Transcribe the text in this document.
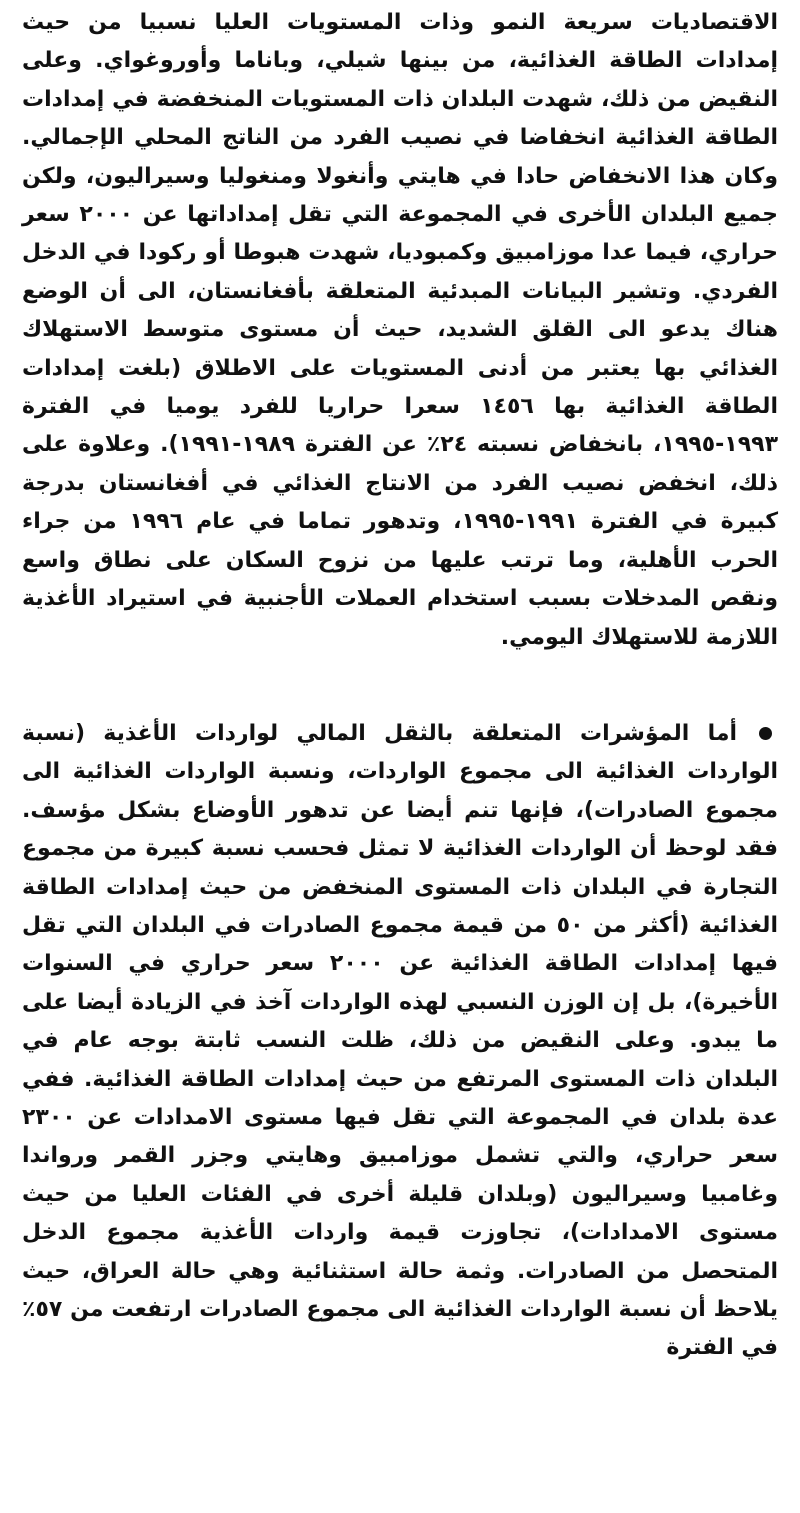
الاقتصاديات سريعة النمو وذات المستويات العليا نسبيا من حيث إمدادات الطاقة الغذائية، من بينها شيلي، وباناما وأوروغواي. وعلى النقيض من ذلك، شهدت البلدان ذات المستويات المنخفضة في إمدادات الطاقة الغذائية انخفاضا في نصيب الفرد من الناتج المحلي الإجمالي. وكان هذا الانخفاض حادا في هايتي وأنغولا ومنغوليا وسيراليون، ولكن جميع البلدان الأخرى في المجموعة التي تقل إمداداتها عن ٢٠٠٠ سعر حراري، فيما عدا موزامبيق وكمبوديا، شهدت هبوطا أو ركودا في الدخل الفردي. وتشير البيانات المبدئية المتعلقة بأفغانستان، الى أن الوضع هناك يدعو الى القلق الشديد، حيث أن مستوى متوسط الاستهلاك الغذائي بها يعتبر من أدنى المستويات على الاطلاق (بلغت إمدادات الطاقة الغذائية بها ١٤٥٦ سعرا حراريا للفرد يوميا في الفترة ١٩٩٣-١٩٩٥، بانخفاض نسبته ٢٤٪ عن الفترة ١٩٨٩-١٩٩١). وعلاوة على ذلك، انخفض نصيب الفرد من الانتاج الغذائي في أفغانستان بدرجة كبيرة في الفترة ١٩٩١-١٩٩٥، وتدهور تماما في عام ١٩٩٦ من جراء الحرب الأهلية، وما ترتب عليها من نزوح السكان على نطاق واسع ونقص المدخلات بسبب استخدام العملات الأجنبية في استيراد الأغذية اللازمة للاستهلاك اليومي.

أما المؤشرات المتعلقة بالثقل المالي لواردات الأغذية (نسبة الواردات الغذائية الى مجموع الواردات، ونسبة الواردات الغذائية الى مجموع الصادرات)، فإنها تنم أيضا عن تدهور الأوضاع بشكل مؤسف. فقد لوحظ أن الواردات الغذائية لا تمثل فحسب نسبة كبيرة من مجموع التجارة في البلدان ذات المستوى المنخفض من حيث إمدادات الطاقة الغذائية (أكثر من ٥٠ من قيمة مجموع الصادرات في البلدان التي تقل فيها إمدادات الطاقة الغذائية عن ٢٠٠٠ سعر حراري في السنوات الأخيرة)، بل إن الوزن النسبي لهذه الواردات آخذ في الزيادة أيضا على ما يبدو. وعلى النقيض من ذلك، ظلت النسب ثابتة بوجه عام في البلدان ذات المستوى المرتفع من حيث إمدادات الطاقة الغذائية. ففي عدة بلدان في المجموعة التي تقل فيها مستوى الامدادات عن ٢٣٠٠ سعر حراري، والتي تشمل موزامبيق وهايتي وجزر القمر ورواندا وغامبيا وسيراليون (وبلدان قليلة أخرى في الفئات العليا من حيث مستوى الامدادات)، تجاوزت قيمة واردات الأغذية مجموع الدخل المتحصل من الصادرات. وثمة حالة استثنائية وهي حالة العراق، حيث يلاحظ أن نسبة الواردات الغذائية الى مجموع الصادرات ارتفعت من ٥٧٪ في الفترة
